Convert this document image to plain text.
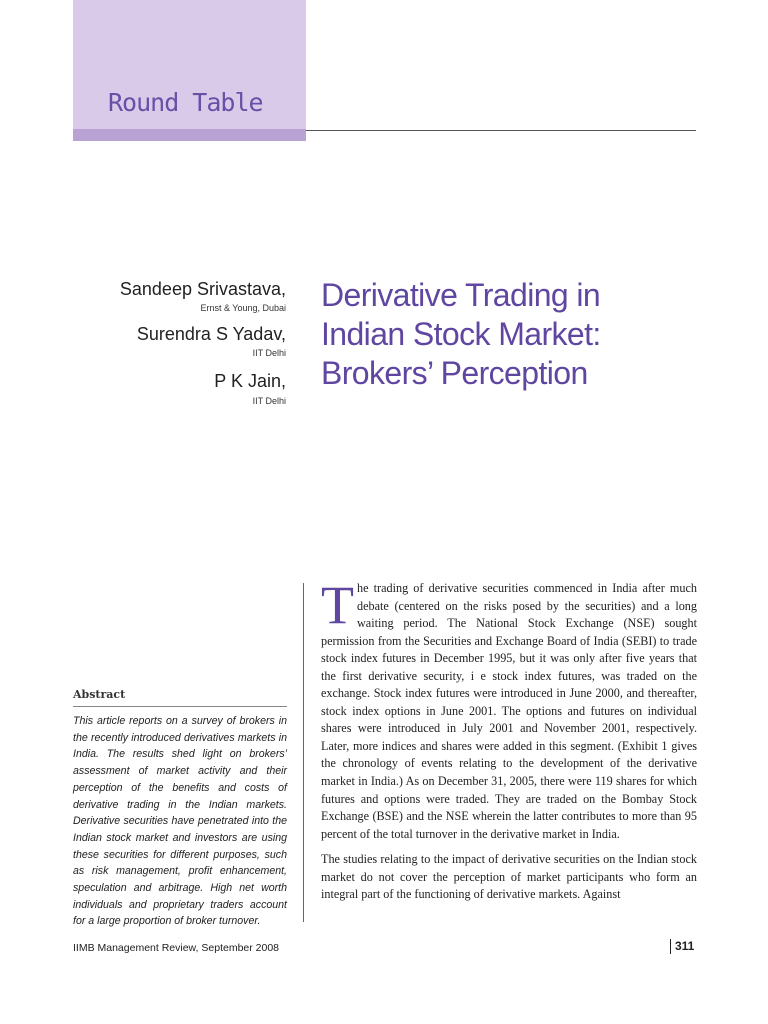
Round Table
Sandeep Srivastava,
Ernst & Young, Dubai
Surendra S Yadav,
IIT Delhi
P K Jain,
IIT Delhi
Derivative Trading in
Indian Stock Market:
Brokers’ Perception
Abstract
This article reports on a survey of brokers in the recently introduced derivatives markets in India. The results shed light on brokers’ assessment of market activity and their perception of the benefits and costs of derivative trading in the Indian markets. Derivative securities have penetrated into the Indian stock market and investors are using these securities for different purposes, such as risk management, profit enhancement, speculation and arbitrage. High net worth individuals and proprietary traders account for a large proportion of broker turnover.

The trading of derivative securities commenced in India after much debate (centered on the risks posed by the securities) and a long waiting period. The National Stock Exchange (NSE) sought permission from the Securities and Exchange Board of India (SEBI) to trade stock index futures in December 1995, but it was only after five years that the first derivative security, i e stock index futures, was traded on the exchange. Stock index futures were introduced in June 2000, and thereafter, stock index options in June 2001. The options and futures on individual shares were introduced in July 2001 and November 2001, respectively. Later, more indices and shares were added in this segment. (Exhibit 1 gives the chronology of events relating to the development of the derivative market in India.) As on December 31, 2005, there were 119 shares for which futures and options were traded. They are traded on the Bombay Stock Exchange (BSE) and the NSE wherein the latter contributes to more than 95 percent of the total turnover in the derivative market in India.

The studies relating to the impact of derivative securities on the Indian stock market do not cover the perception of market participants who form an integral part of the functioning of derivative markets. Against

IIMB Management Review, September 2008	311
